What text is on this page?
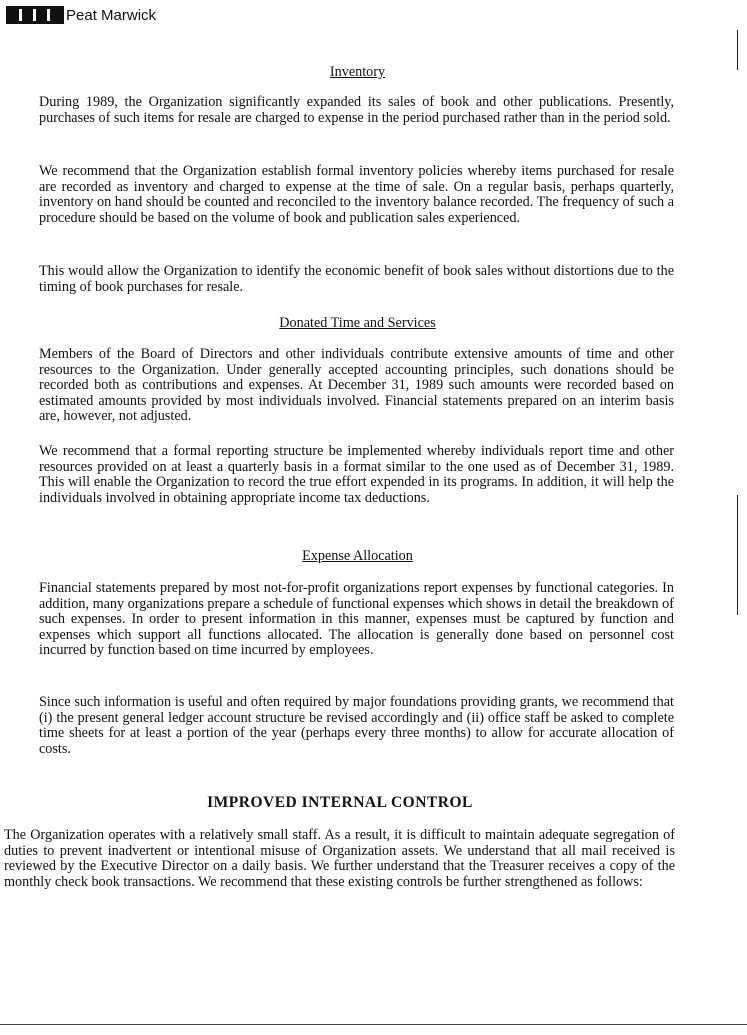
Peat Marwick
Inventory

During 1989, the Organization significantly expanded its sales of book and other publications. Presently, purchases of such items for resale are charged to expense in the period purchased rather than in the period sold.

We recommend that the Organization establish formal inventory policies whereby items purchased for resale are recorded as inventory and charged to expense at the time of sale. On a regular basis, perhaps quarterly, inventory on hand should be counted and reconciled to the inventory balance recorded. The frequency of such a procedure should be based on the volume of book and publication sales experienced.

This would allow the Organization to identify the economic benefit of book sales without distortions due to the timing of book purchases for resale.

Donated Time and Services

Members of the Board of Directors and other individuals contribute extensive amounts of time and other resources to the Organization. Under generally accepted accounting principles, such donations should be recorded both as contributions and expenses. At December 31, 1989 such amounts were recorded based on estimated amounts provided by most individuals involved. Financial statements prepared on an interim basis are, however, not adjusted.

We recommend that a formal reporting structure be implemented whereby individuals report time and other resources provided on at least a quarterly basis in a format similar to the one used as of December 31, 1989. This will enable the Organization to record the true effort expended in its programs. In addition, it will help the individuals involved in obtaining appropriate income tax deductions.

Expense Allocation

Financial statements prepared by most not-for-profit organizations report expenses by functional categories. In addition, many organizations prepare a schedule of functional expenses which shows in detail the breakdown of such expenses. In order to present information in this manner, expenses must be captured by function and expenses which support all functions allocated. The allocation is generally done based on personnel cost incurred by function based on time incurred by employees.

Since such information is useful and often required by major foundations providing grants, we recommend that (i) the present general ledger account structure be revised accordingly and (ii) office staff be asked to complete time sheets for at least a portion of the year (perhaps every three months) to allow for accurate allocation of costs.

IMPROVED INTERNAL CONTROL

The Organization operates with a relatively small staff. As a result, it is difficult to maintain adequate segregation of duties to prevent inadvertent or intentional misuse of Organization assets. We understand that all mail received is reviewed by the Executive Director on a daily basis. We further understand that the Treasurer receives a copy of the monthly check book transactions. We recommend that these existing controls be further strengthened as follows:
